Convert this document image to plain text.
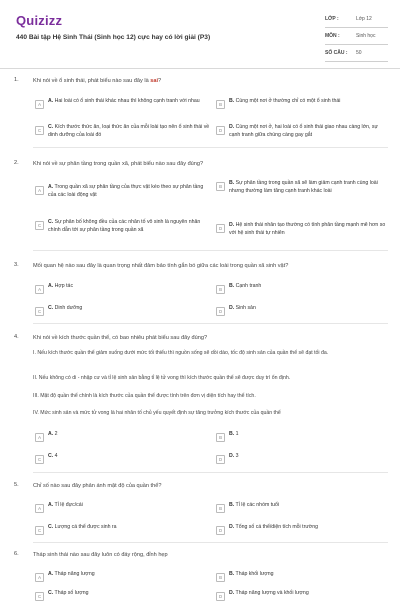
Quizizz
440 Bài tập Hệ Sinh Thái (Sinh học 12) cực hay có lời giải (P3)
LỚP :	Lớp 12
MÔN :	Sinh học
SỐ CÂU :	50
1.	Khi nói về ổ sinh thái, phát biểu nào sau đây là sai?
A
A. Hai loài có ổ sinh thái khác nhau thì không cạnh tranh với nhau
B
B. Cùng một nơi ở thường chỉ có một ổ sinh thái
C
C. Kích thước thức ăn, loại thức ăn của mỗi loài tạo nên ổ sinh thái về dinh dưỡng của loài đó
D
D. Cùng một nơi ở, hai loài có ổ sinh thái giao nhau càng lớn, sự cạnh tranh giữa chúng càng gay gắt
2.	Khi nói về sự phân tầng trong quần xã, phát biểu nào sau đây đúng?
A
A. Trong quần xã sự phân tầng của thực vật kéo theo sự phân tầng của các loài động vật
B
B. Sự phân tầng trong quần xã sẽ làm giảm cạnh tranh cùng loài nhưng thường làm tăng cạnh tranh khác loài
C
C. Sự phân bố không đều của các nhân tố vô sinh là nguyên nhân chính dẫn tới sự phân tầng trong quần xã	D
D. Hệ sinh thái nhân tạo thường có tính phân tầng mạnh mẽ hơn so với hệ sinh thái tự nhiên
3.	Mối quan hệ nào sau đây là quan trọng nhất đảm bảo tính gắn bó giữa các loài trong quần xã sinh vật?
A
A. Hợp tác
B
B. Cạnh tranh
C
C. Dinh dưỡng
D
D. Sinh sản
4.	Khi nói về kích thước quần thể, có bao nhiêu phát biểu sau đây đúng?
I. Nếu kích thước quần thể giảm xuống dưới mức tối thiểu thì nguồn sống sẽ dồi dào, tốc độ sinh sản của quần thể sẽ đạt tối đa.
II. Nếu không có di - nhập cư và tỉ lệ sinh sản bằng tỉ lệ tử vong thì kích thước quần thể sẽ được duy trì ổn định.
III. Mật độ quần thể chính là kích thước của quần thể được tính trên đơn vị diện tích hay thể tích.
IV. Mức sinh sản và mức tử vong là hai nhân tố chủ yếu quyết định sự tăng trưởng kích thước của quần thể
A
A. 2
B
B. 1
C
C. 4
D
D. 3
5.	Chỉ số nào sau đây phản ánh mật độ của quần thể?
A
A. Tỉ lệ đực/cái
B
B. Tỉ lệ các nhóm tuổi
C
C. Lượng cá thể được sinh ra
D
D. Tổng số cá thể/diện tích mỗi trường
6.	Tháp sinh thái nào sau đây luôn có đáy rộng, đỉnh hẹp
A
A. Tháp năng lượng
B
B. Tháp khối lượng
C
C. Tháp số lượng
D
D. Tháp năng lượng và khối lượng
